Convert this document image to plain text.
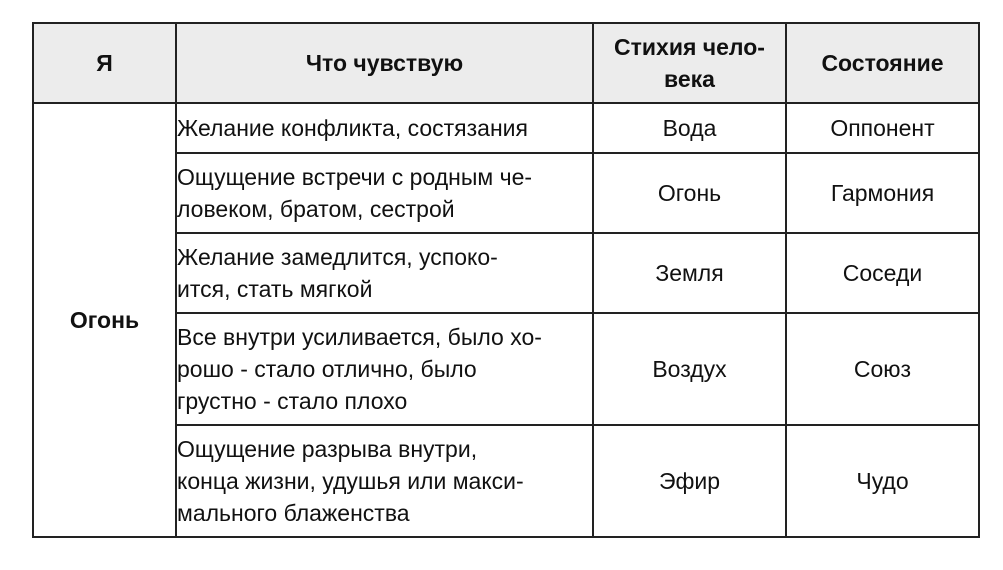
Я	Что чувствую	Стихия чело-
века	Состояние
Огонь	Желание конфликта, состязания	Вода	Оппонент
	Ощущение встречи с родным че-
ловеком, братом, сестрой	Огонь	Гармония
	Желание замедлится, успоко-
ится, стать мягкой	Земля	Соседи
	Все внутри усиливается, было хо-
рошо - стало отлично, было
грустно - стало плохо	Воздух	Союз
	Ощущение разрыва внутри,
конца жизни, удушья или макси-
мального блаженства	Эфир	Чудо
